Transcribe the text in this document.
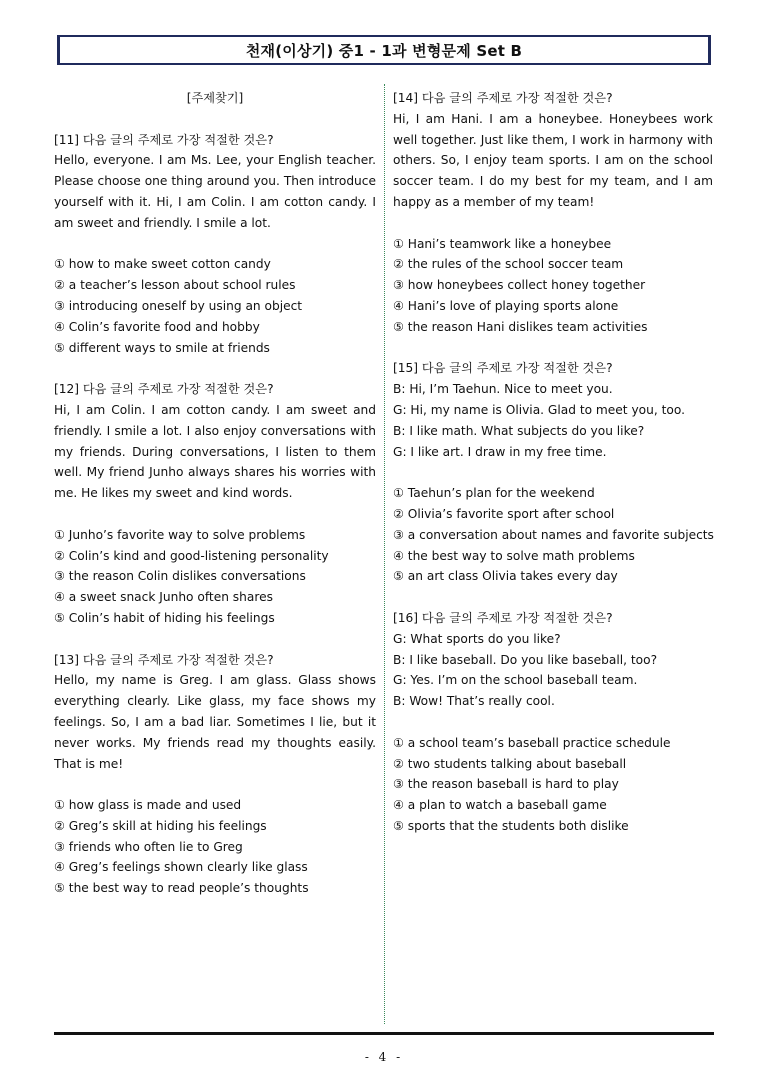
천재(이상기) 중1 - 1과 변형문제 Set B
[주제찾기]
[11] 다음 글의 주제로 가장 적절한 것은?
Hello, everyone. I am Ms. Lee, your English teacher. Please choose one thing around you. Then introduce yourself with it. Hi, I am Colin. I am cotton candy. I am sweet and friendly. I smile a lot.
① how to make sweet cotton candy
② a teacher’s lesson about school rules
③ introducing oneself by using an object
④ Colin’s favorite food and hobby
⑤ different ways to smile at friends
[12] 다음 글의 주제로 가장 적절한 것은?
Hi, I am Colin. I am cotton candy. I am sweet and friendly. I smile a lot. I also enjoy conversations with my friends. During conversations, I listen to them well. My friend Junho always shares his worries with me. He likes my sweet and kind words.
① Junho’s favorite way to solve problems
② Colin’s kind and good-listening personality
③ the reason Colin dislikes conversations
④ a sweet snack Junho often shares
⑤ Colin’s habit of hiding his feelings
[13] 다음 글의 주제로 가장 적절한 것은?
Hello, my name is Greg. I am glass. Glass shows everything clearly. Like glass, my face shows my feelings. So, I am a bad liar. Sometimes I lie, but it never works. My friends read my thoughts easily. That is me!
① how glass is made and used
② Greg’s skill at hiding his feelings
③ friends who often lie to Greg
④ Greg’s feelings shown clearly like glass
⑤ the best way to read people’s thoughts
[14] 다음 글의 주제로 가장 적절한 것은?
Hi, I am Hani. I am a honeybee. Honeybees work well together. Just like them, I work in harmony with others. So, I enjoy team sports. I am on the school soccer team. I do my best for my team, and I am happy as a member of my team!
① Hani’s teamwork like a honeybee
② the rules of the school soccer team
③ how honeybees collect honey together
④ Hani’s love of playing sports alone
⑤ the reason Hani dislikes team activities
[15] 다음 글의 주제로 가장 적절한 것은?
B: Hi, I’m Taehun. Nice to meet you.
G: Hi, my name is Olivia. Glad to meet you, too.
B: I like math. What subjects do you like?
G: I like art. I draw in my free time.
① Taehun’s plan for the weekend
② Olivia’s favorite sport after school
③ a conversation about names and favorite subjects
④ the best way to solve math problems
⑤ an art class Olivia takes every day
[16] 다음 글의 주제로 가장 적절한 것은?
G: What sports do you like?
B: I like baseball. Do you like baseball, too?
G: Yes. I’m on the school baseball team.
B: Wow! That’s really cool.
① a school team’s baseball practice schedule
② two students talking about baseball
③ the reason baseball is hard to play
④ a plan to watch a baseball game
⑤ sports that the students both dislike
- 4 -
